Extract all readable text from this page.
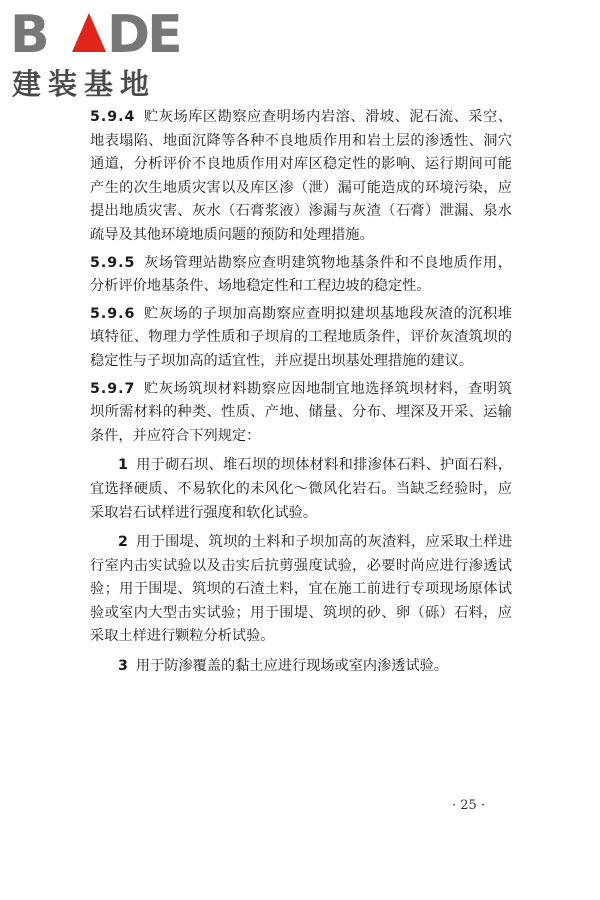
B DE
建装基地

5.9.4 贮灰场库区勘察应查明场内岩溶、滑坡、泥石流、采空、地表塌陷、地面沉降等各种不良地质作用和岩土层的渗透性、洞穴通道，分析评价不良地质作用对库区稳定性的影响、运行期间可能产生的次生地质灾害以及库区渗（泄）漏可能造成的环境污染，应提出地质灾害、灰水（石膏浆液）渗漏与灰渣（石膏）泄漏、泉水疏导及其他环境地质问题的预防和处理措施。

5.9.5 灰场管理站勘察应查明建筑物地基条件和不良地质作用，分析评价地基条件、场地稳定性和工程边坡的稳定性。

5.9.6 贮灰场的子坝加高勘察应查明拟建坝基地段灰渣的沉积堆填特征、物理力学性质和子坝肩的工程地质条件，评价灰渣筑坝的稳定性与子坝加高的适宜性，并应提出坝基处理措施的建议。

5.9.7 贮灰场筑坝材料勘察应因地制宜地选择筑坝材料，查明筑坝所需材料的种类、性质、产地、储量、分布、埋深及开采、运输条件，并应符合下列规定：

1 用于砌石坝、堆石坝的坝体材料和排渗体石料、护面石料，宜选择硬质、不易软化的未风化～微风化岩石。当缺乏经验时，应采取岩石试样进行强度和软化试验。

2 用于围堤、筑坝的土料和子坝加高的灰渣料，应采取土样进行室内击实试验以及击实后抗剪强度试验，必要时尚应进行渗透试验；用于围堤、筑坝的石渣土料，宜在施工前进行专项现场原体试验或室内大型击实试验；用于围堤、筑坝的砂、卵（砾）石料，应采取土样进行颗粒分析试验。

3 用于防渗覆盖的黏土应进行现场或室内渗透试验。

· 25 ·
